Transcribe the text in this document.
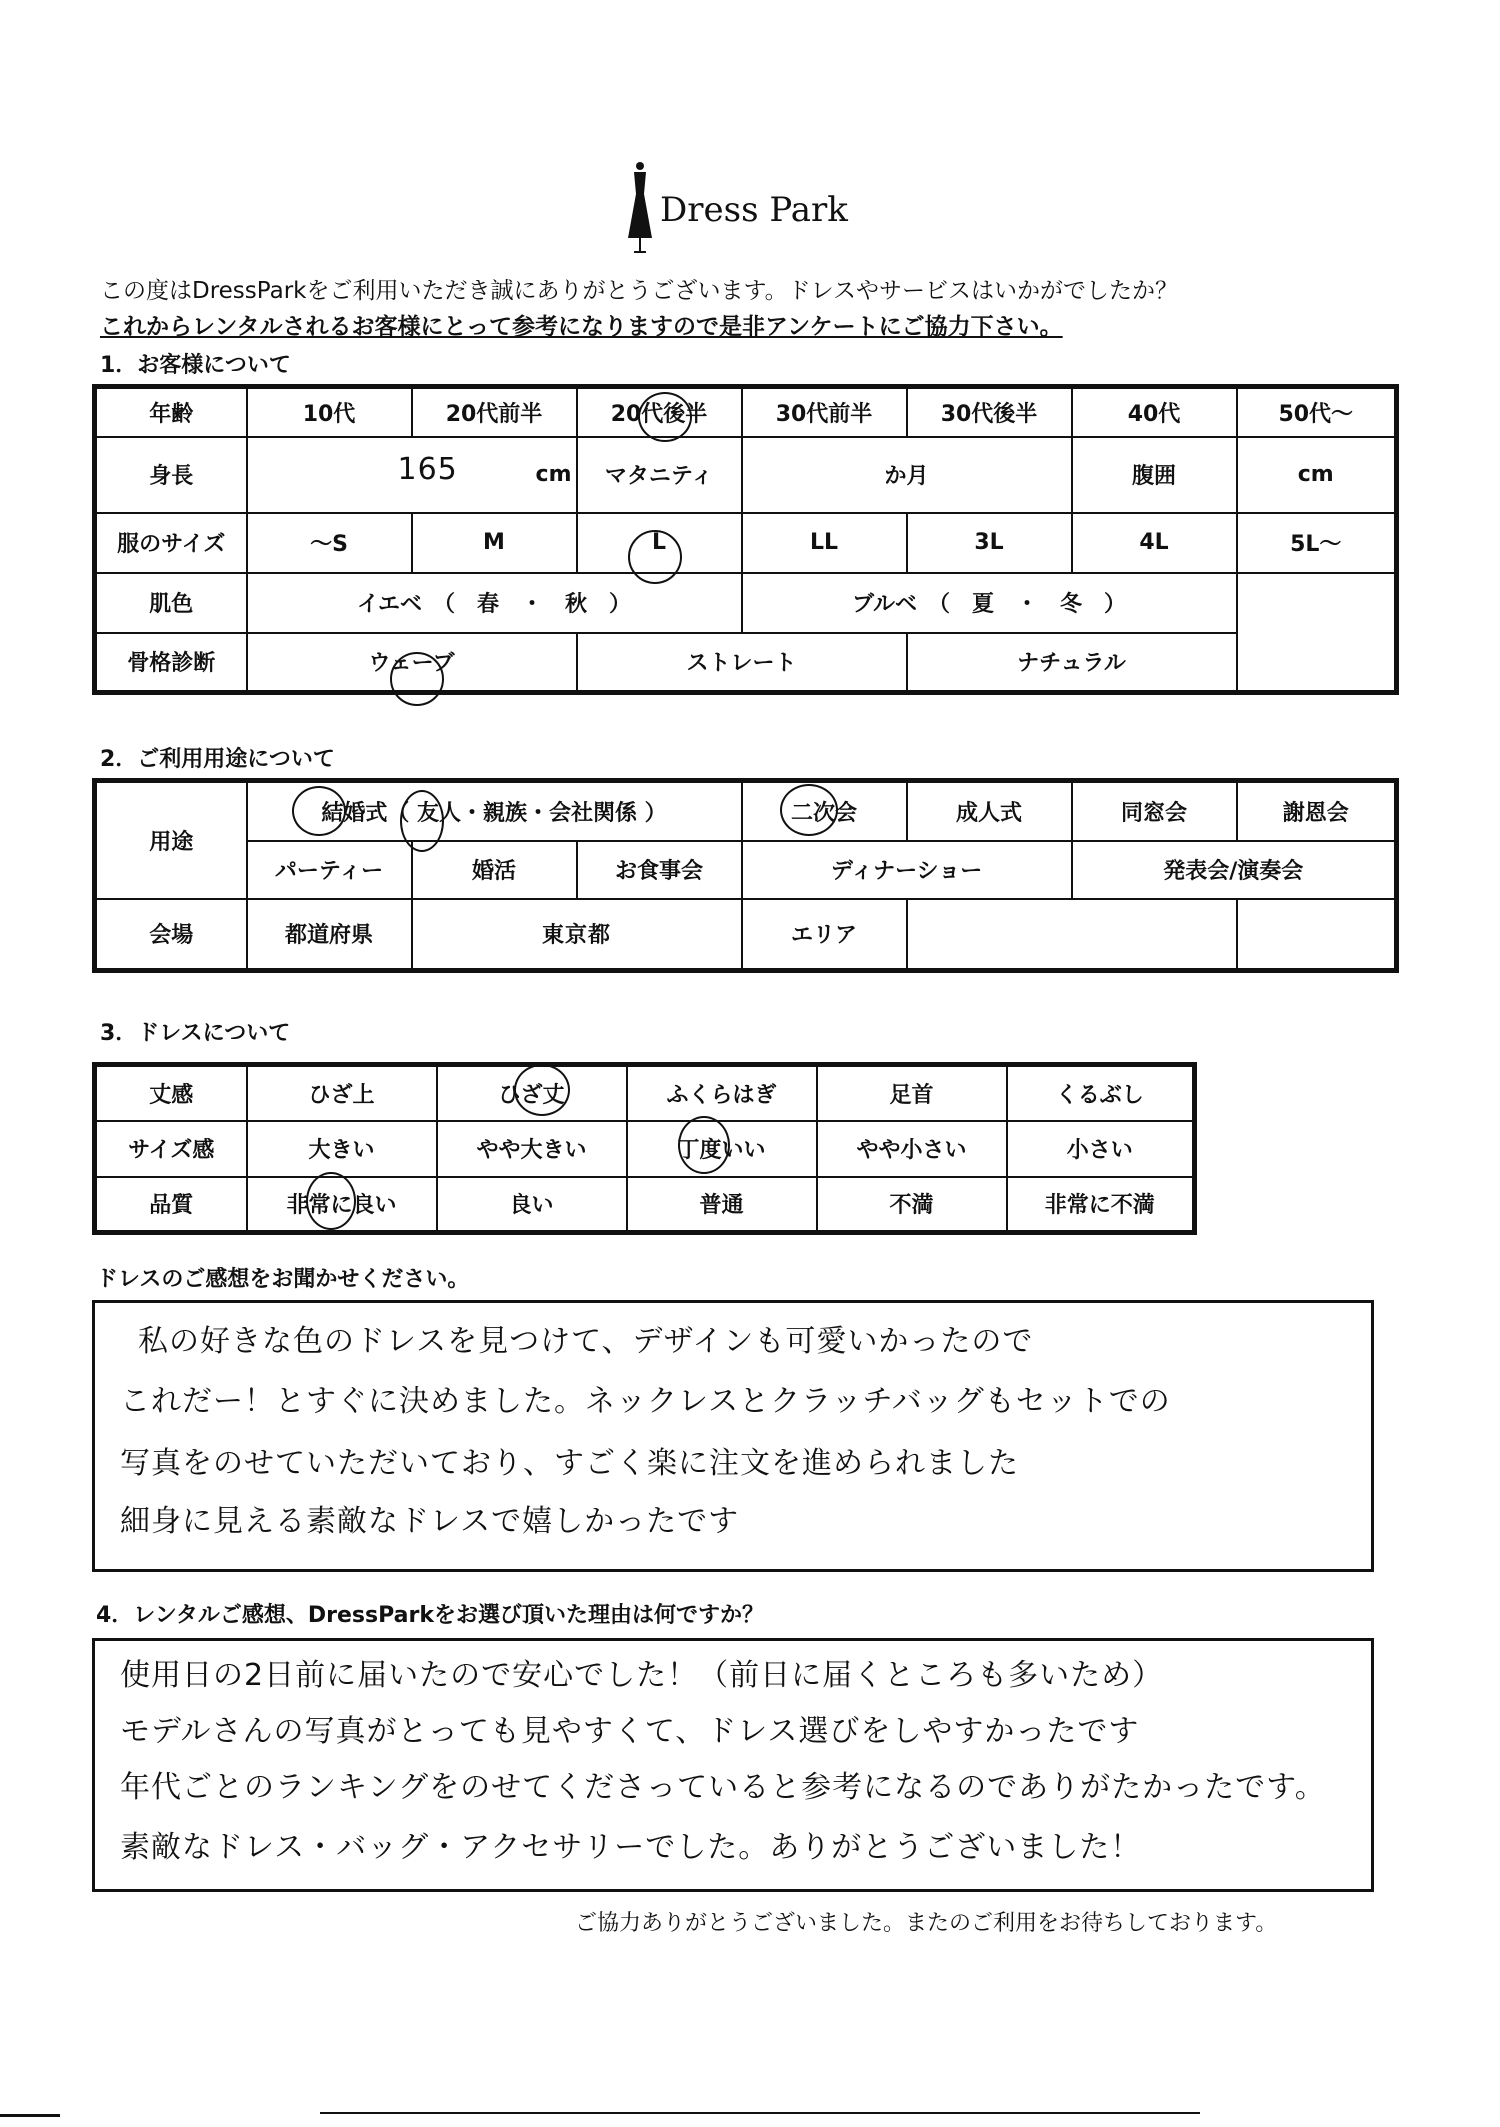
Dress Park
この度はDressParkをご利用いただき誠にありがとうございます。ドレスやサービスはいかがでしたか？
これからレンタルされるお客様にとって参考になりますので是非アンケートにご協力下さい。
1．お客様について
年齢	10代	20代前半	20代後半	30代前半	30代後半	40代	50代～
身長	165 cm		マタニティ	か月		腹囲	cm
服のサイズ	～S	M	L	LL	3L	4L	5L～
肌色	イエベ　（　春　・　秋　）			ブルベ　（　夏　・　冬　）			
骨格診断	ウェーブ		ストレート		ナチュラル		
2．ご利用用途について
用途	結婚式（ 友人・親族・会社関係 ）			二次会	成人式	同窓会	謝恩会
	パーティー	婚活	お食事会	ディナーショー		発表会/演奏会	
会場	都道府県	東京都		エリア			
3．ドレスについて
丈感	ひざ上	ひざ丈	ふくらはぎ	足首	くるぶし
サイズ感	大きい	やや大きい	丁度いい	やや小さい	小さい
品質	非常に良い	良い	普通	不満	非常に不満
ドレスのご感想をお聞かせください。
私の好きな色のドレスを見つけて、デザインも可愛いかったので
これだー！とすぐに決めました。ネックレスとクラッチバッグもセットでの
写真をのせていただいており、すごく楽に注文を進められました
細身に見える素敵なドレスで嬉しかったです
4．レンタルご感想、DressParkをお選び頂いた理由は何ですか？
使用日の2日前に届いたので安心でした！（前日に届くところも多いため）
モデルさんの写真がとっても見やすくて、ドレス選びをしやすかったです
年代ごとのランキングをのせてくださっていると参考になるのでありがたかったです。
素敵なドレス・バッグ・アクセサリーでした。ありがとうございました！
ご協力ありがとうございました。またのご利用をお待ちしております。
